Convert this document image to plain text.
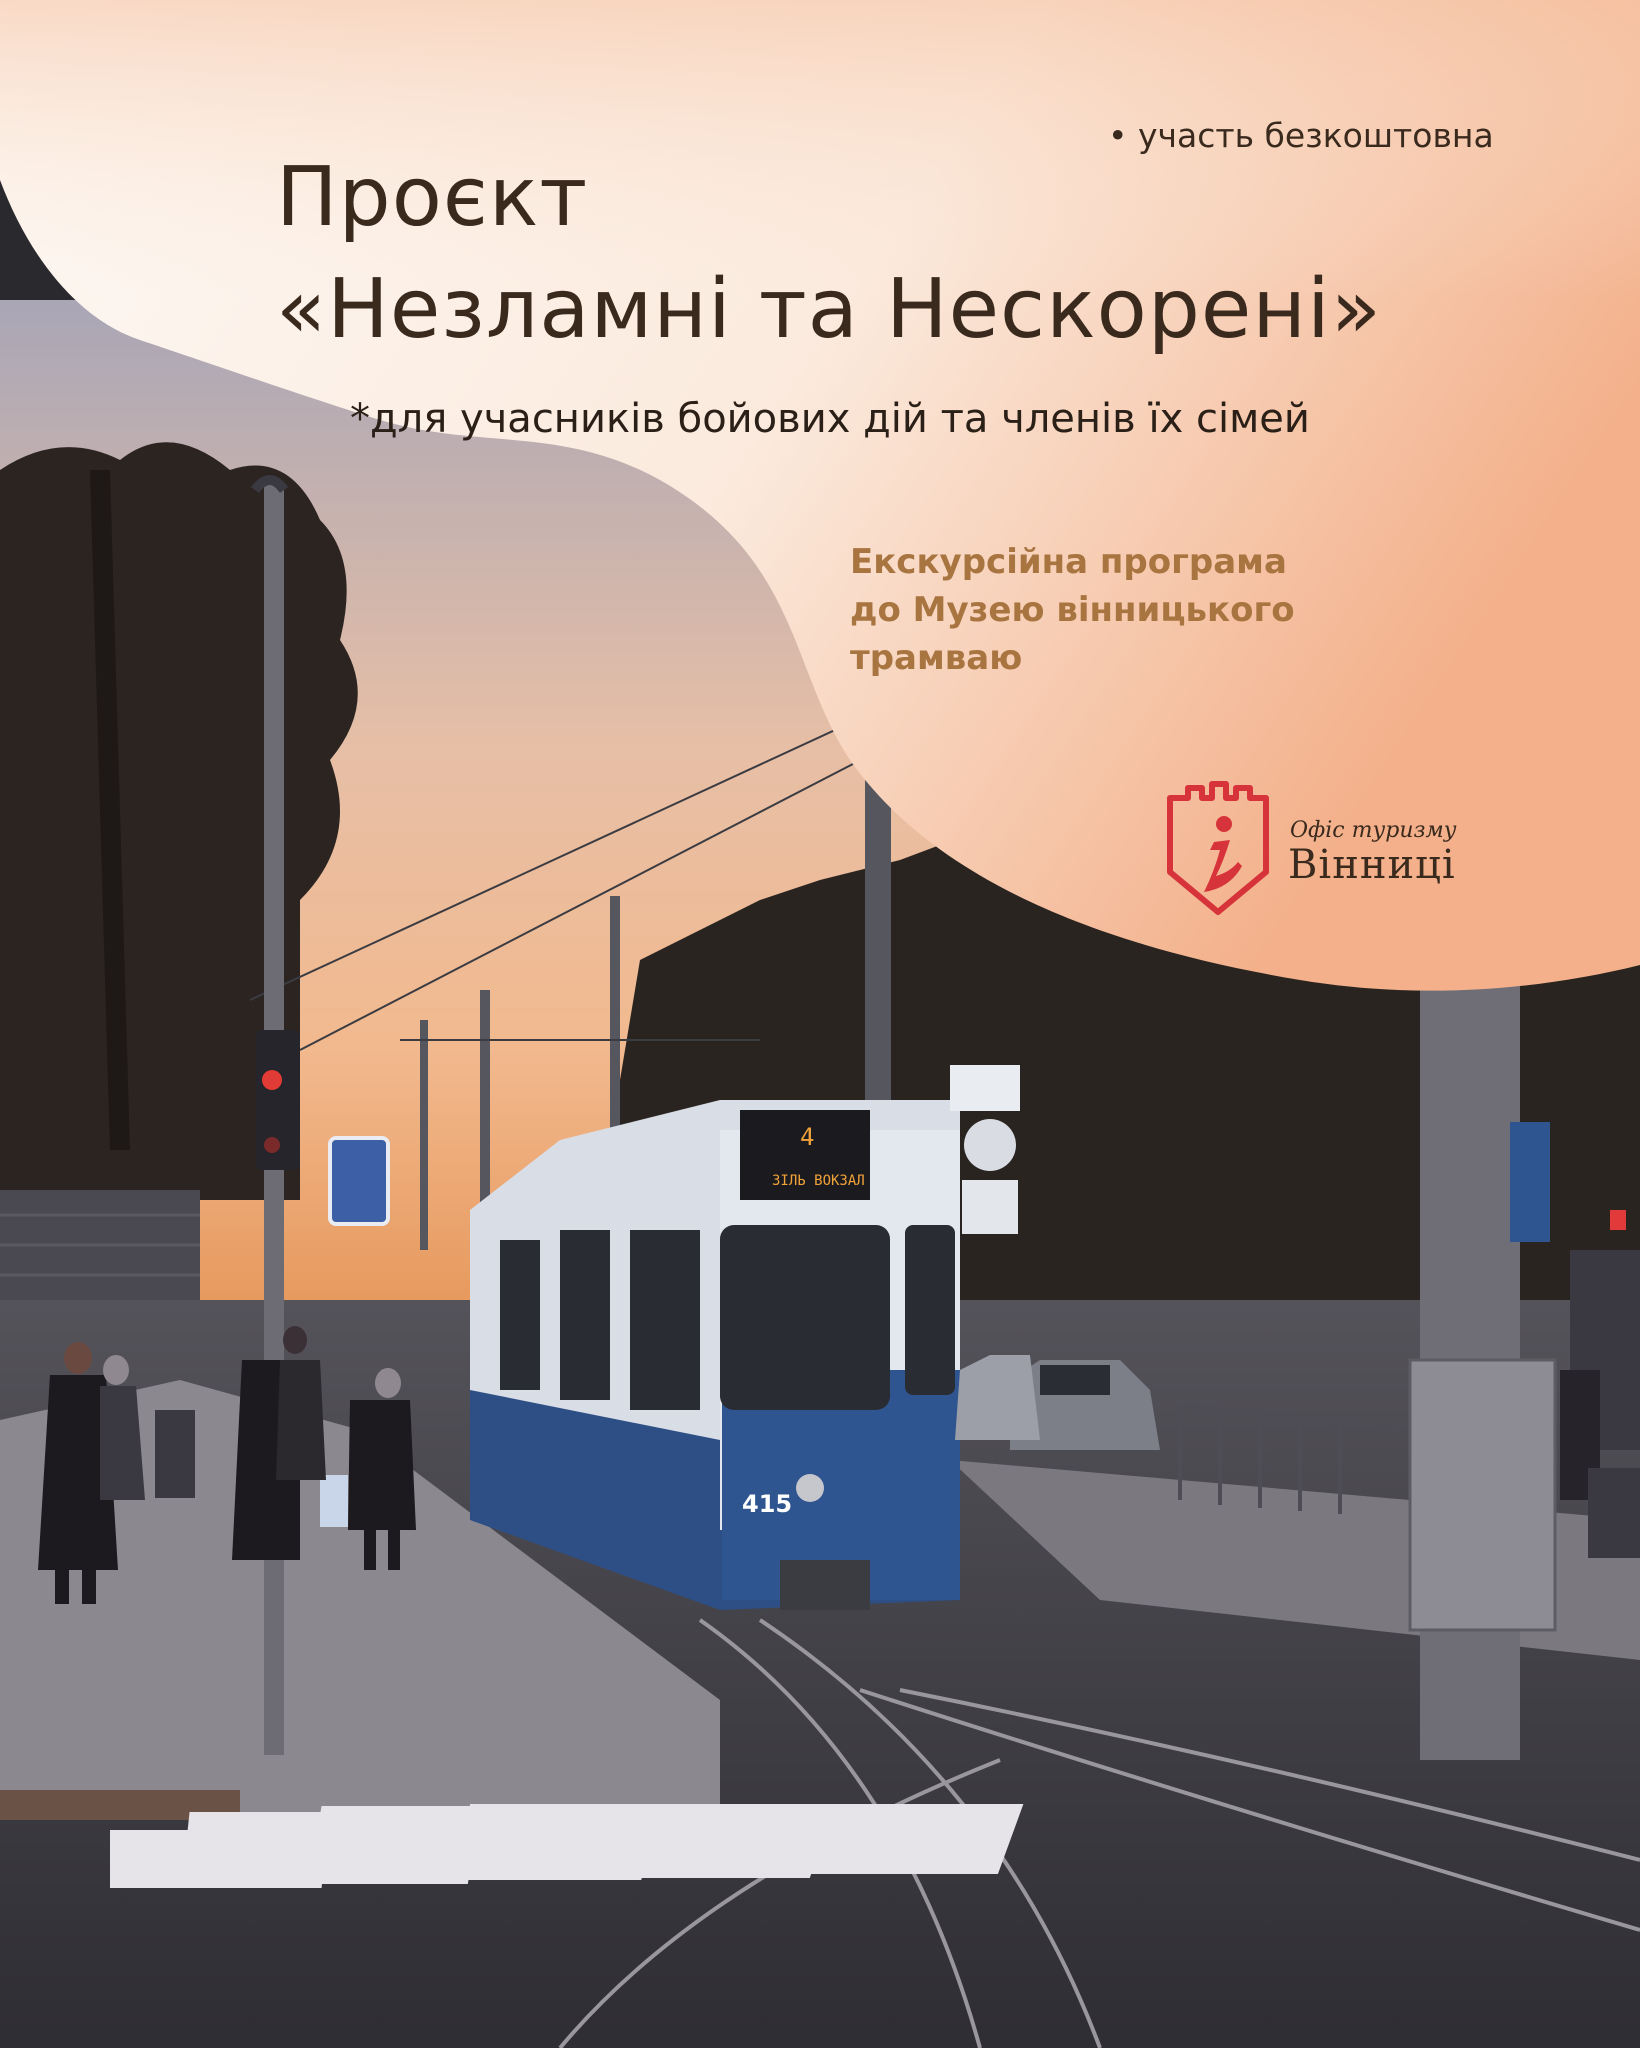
4
ЗІЛЬ ВОКЗАЛ
415
• участь безкоштовна
Проєкт
«Незламні та Нескорені»
*для учасників бойових дій та членів їх сімей

Екскурсійна програма
до Музею вінницького
трамваю

Офіс туризму
Вінниці
